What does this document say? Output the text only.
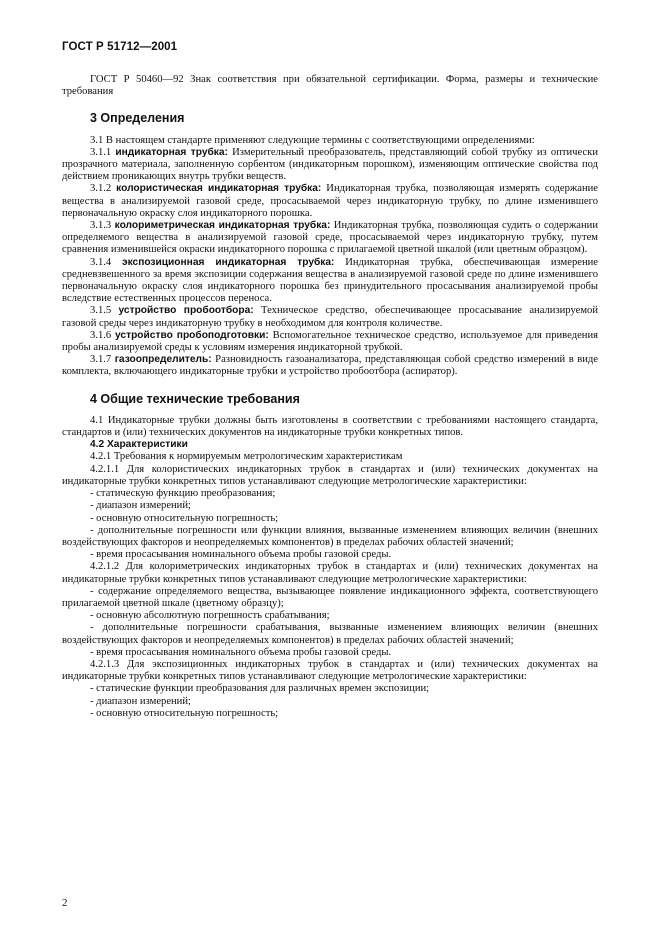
ГОСТ Р 51712—2001

ГОСТ Р 50460—92 Знак соответствия при обязательной сертификации. Форма, размеры и технические требования

3 Определения

3.1 В настоящем стандарте применяют следующие термины с соответствующими определениями:

3.1.1 индикаторная трубка: Измерительный преобразователь, представляющий собой трубку из оптически прозрачного материала, заполненную сорбентом (индикаторным порошком), изменяющим оптические свойства под действием проникающих внутрь трубки веществ.

3.1.2 колористическая индикаторная трубка: Индикаторная трубка, позволяющая измерять содержание вещества в анализируемой газовой среде, просасываемой через индикаторную трубку, по длине изменившего первоначальную окраску слоя индикаторного порошка.

3.1.3 колориметрическая индикаторная трубка: Индикаторная трубка, позволяющая судить о содержании определяемого вещества в анализируемой газовой среде, просасываемой через индикаторную трубку, путем сравнения изменившейся окраски индикаторного порошка с прилагаемой цветной шкалой (или цветным образцом).

3.1.4 экспозиционная индикаторная трубка: Индикаторная трубка, обеспечивающая измерение средневзвешенного за время экспозиции содержания вещества в анализируемой газовой среде по длине изменившего первоначальную окраску слоя индикаторного порошка без принудительного просасывания анализируемой пробы вследствие естественных процессов переноса.

3.1.5 устройство пробоотбора: Техническое средство, обеспечивающее просасывание анализируемой газовой среды через индикаторную трубку в необходимом для контроля количестве.

3.1.6 устройство пробоподготовки: Вспомогательное техническое средство, используемое для приведения пробы анализируемой среды к условиям измерения индикаторной трубкой.

3.1.7 газоопределитель: Разновидность газоанализатора, представляющая собой средство измерений в виде комплекта, включающего индикаторные трубки и устройство пробоотбора (аспиратор).

4 Общие технические требования

4.1 Индикаторные трубки должны быть изготовлены в соответствии с требованиями настоящего стандарта, стандартов и (или) технических документов на индикаторные трубки конкретных типов.

4.2 Характеристики

4.2.1 Требования к нормируемым метрологическим характеристикам

4.2.1.1 Для колористических индикаторных трубок в стандартах и (или) технических документах на индикаторные трубки конкретных типов устанавливают следующие метрологические характеристики:

- статическую функцию преобразования;

- диапазон измерений;

- основную относительную погрешность;

- дополнительные погрешности или функции влияния, вызванные изменением влияющих величин (внешних воздействующих факторов и неопределяемых компонентов) в пределах рабочих областей значений;

- время просасывания номинального объема пробы газовой среды.

4.2.1.2 Для колориметрических индикаторных трубок в стандартах и (или) технических документах на индикаторные трубки конкретных типов устанавливают следующие метрологические характеристики:

- содержание определяемого вещества, вызывающее появление индикационного эффекта, соответствующего прилагаемой цветной шкале (цветному образцу);

- основную абсолютную погрешность срабатывания;

- дополнительные погрешности срабатывания, вызванные изменением влияющих величин (внешних воздействующих факторов и неопределяемых компонентов) в пределах рабочих областей значений;

- время просасывания номинального объема пробы газовой среды.

4.2.1.3 Для экспозиционных индикаторных трубок в стандартах и (или) технических документах на индикаторные трубки конкретных типов устанавливают следующие метрологические характеристики:

- статические функции преобразования для различных времен экспозиции;

- диапазон измерений;

- основную относительную погрешность;

2
